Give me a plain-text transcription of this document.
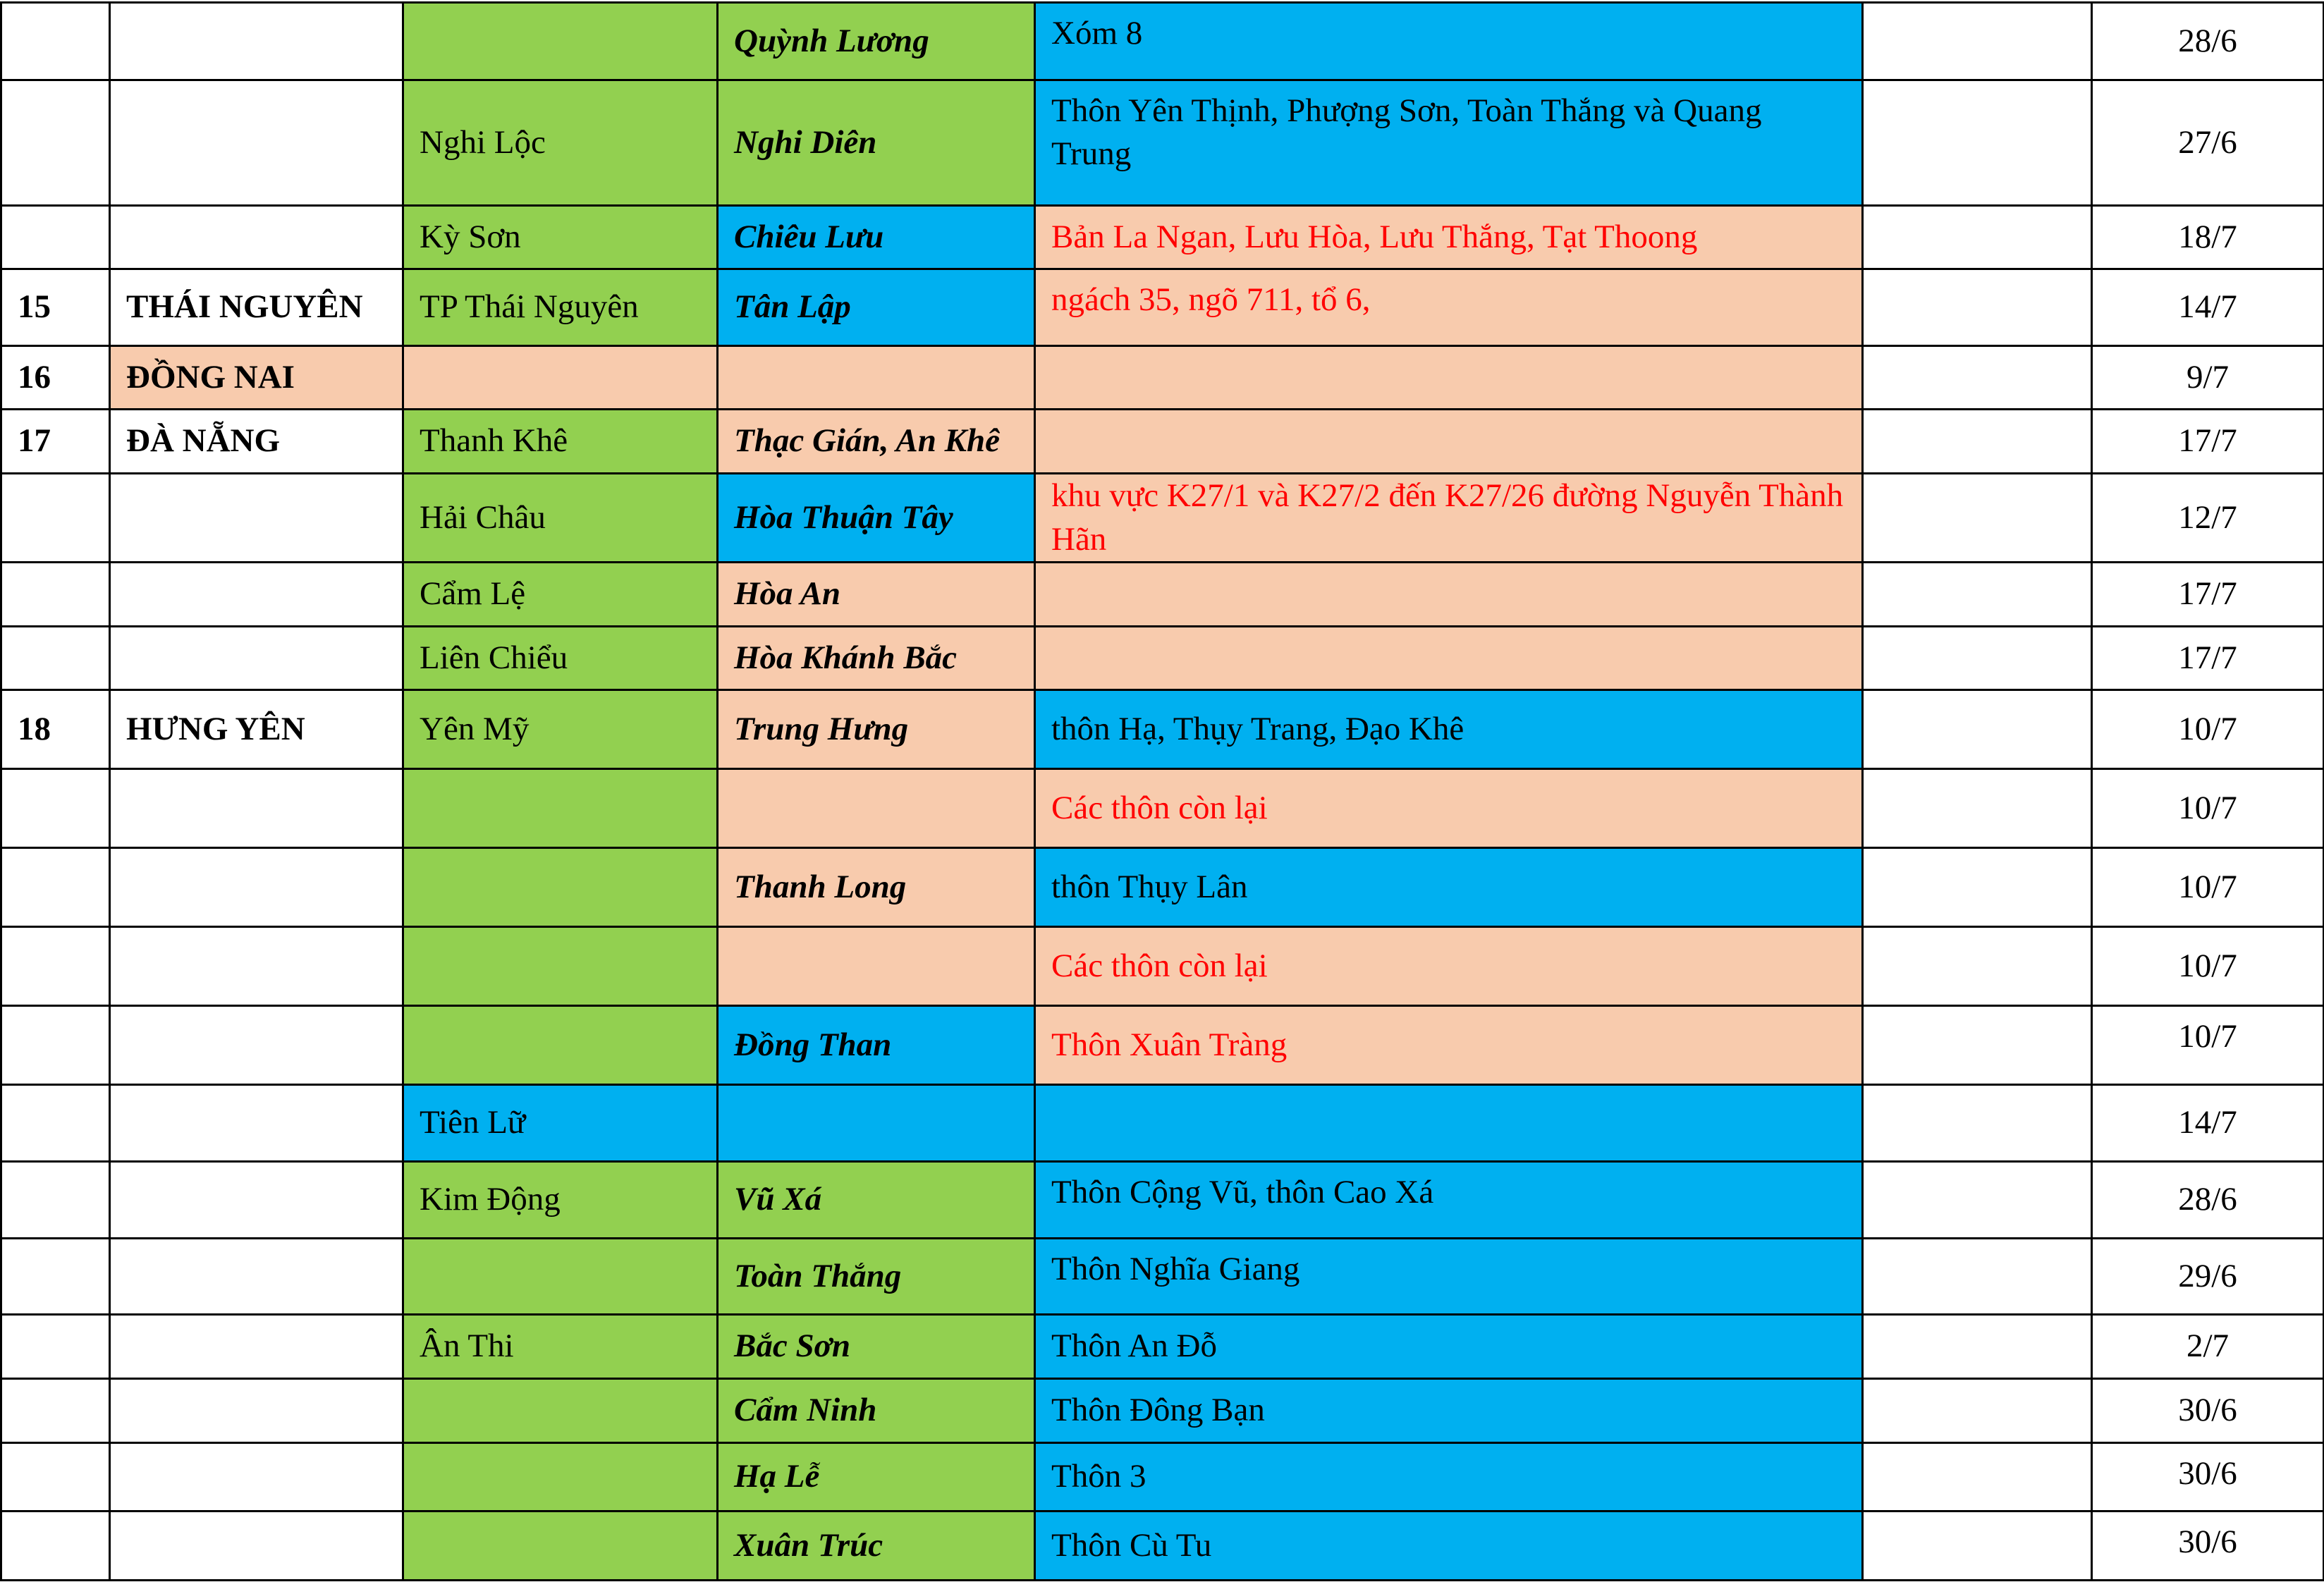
			Quỳnh Lương	Xóm 8		28/6
		Nghi Lộc	Nghi Diên	Thôn Yên Thịnh, Phượng Sơn, Toàn Thắng và Quang Trung		27/6
		Kỳ Sơn	Chiêu Lưu	Bản La Ngan, Lưu Hòa, Lưu Thắng, Tạt Thoong		18/7
15	THÁI NGUYÊN	TP Thái Nguyên	Tân Lập	ngách 35, ngõ 711, tổ 6,		14/7
16	ĐỒNG NAI					9/7
17	ĐÀ NẴNG	Thanh Khê	Thạc Gián, An Khê			17/7
		Hải Châu	Hòa Thuận Tây	khu vực K27/1 và K27/2 đến K27/26 đường Nguyễn Thành Hãn		12/7
		Cẩm Lệ	Hòa An			17/7
		Liên Chiểu	Hòa Khánh Bắc			17/7
18	HƯNG YÊN	Yên Mỹ	Trung Hưng	thôn Hạ, Thụy Trang, Đạo Khê		10/7
				Các thôn còn lại		10/7
			Thanh Long	thôn Thụy Lân		10/7
				Các thôn còn lại		10/7
			Đồng Than	Thôn Xuân Tràng		10/7
		Tiên Lữ				14/7
		Kim Động	Vũ Xá	Thôn Cộng Vũ, thôn Cao Xá		28/6
			Toàn Thắng	Thôn Nghĩa Giang		29/6
		Ân Thi	Bắc Sơn	Thôn An Đỗ		2/7
			Cẩm Ninh	Thôn Đông Bạn		30/6
			Hạ Lễ	Thôn 3		30/6
			Xuân Trúc	Thôn Cù Tu		30/6
